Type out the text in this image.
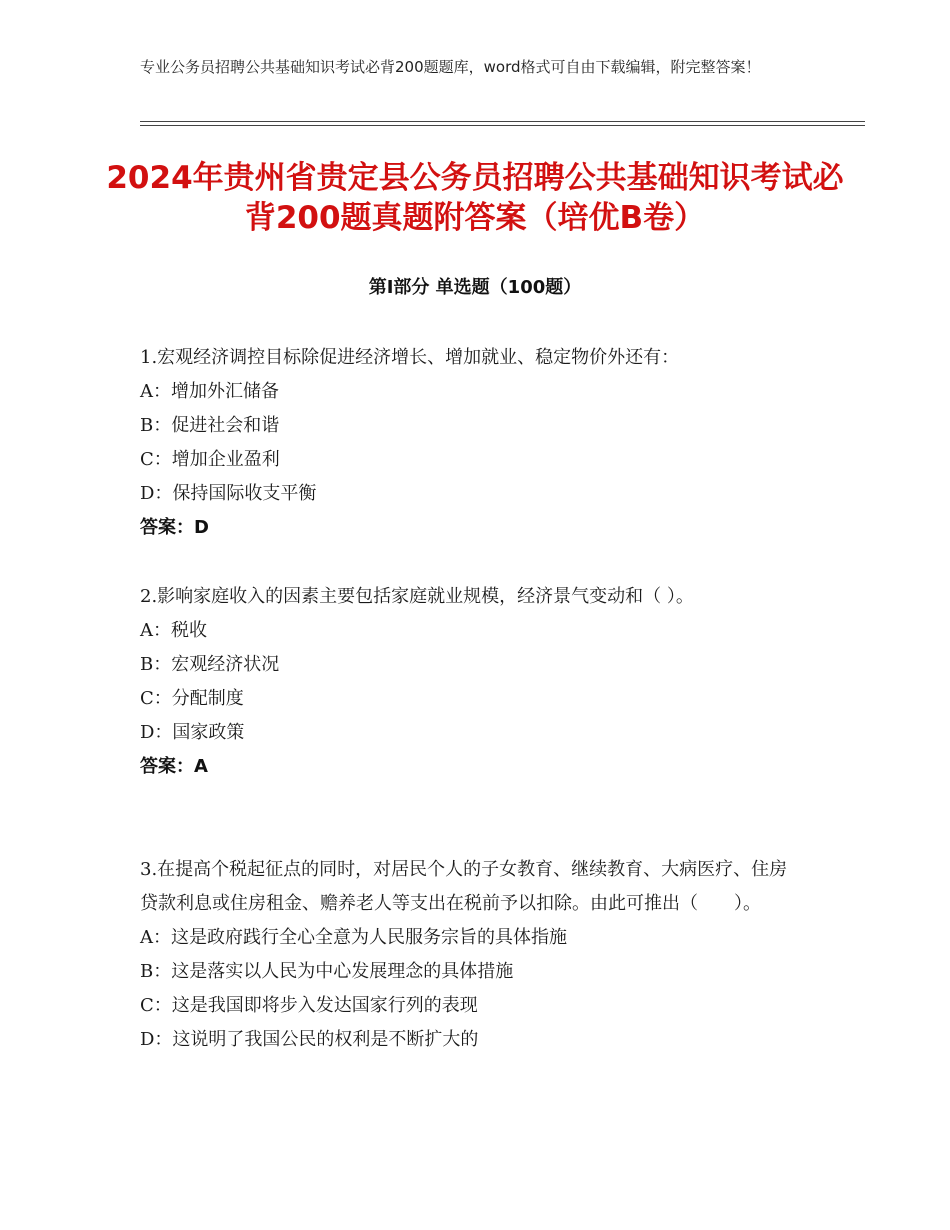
专业公务员招聘公共基础知识考试必背200题题库，word格式可自由下载编辑，附完整答案！
2024年贵州省贵定县公务员招聘公共基础知识考试必背200题真题附答案（培优B卷）
第Ⅰ部分 单选题（100题）
1.宏观经济调控目标除促进经济增长、增加就业、稳定物价外还有：
A：增加外汇储备
B：促进社会和谐
C：增加企业盈利
D：保持国际收支平衡
答案：D
2.影响家庭收入的因素主要包括家庭就业规模，经济景气变动和（ ）。
A：税收
B：宏观经济状况
C：分配制度
D：国家政策
答案：A
3.在提高个税起征点的同时，对居民个人的子女教育、继续教育、大病医疗、住房贷款利息或住房租金、赡养老人等支出在税前予以扣除。由此可推出（　　）。
A：这是政府践行全心全意为人民服务宗旨的具体指施
B：这是落实以人民为中心发展理念的具体措施
C：这是我国即将步入发达国家行列的表现
D：这说明了我国公民的权利是不断扩大的
